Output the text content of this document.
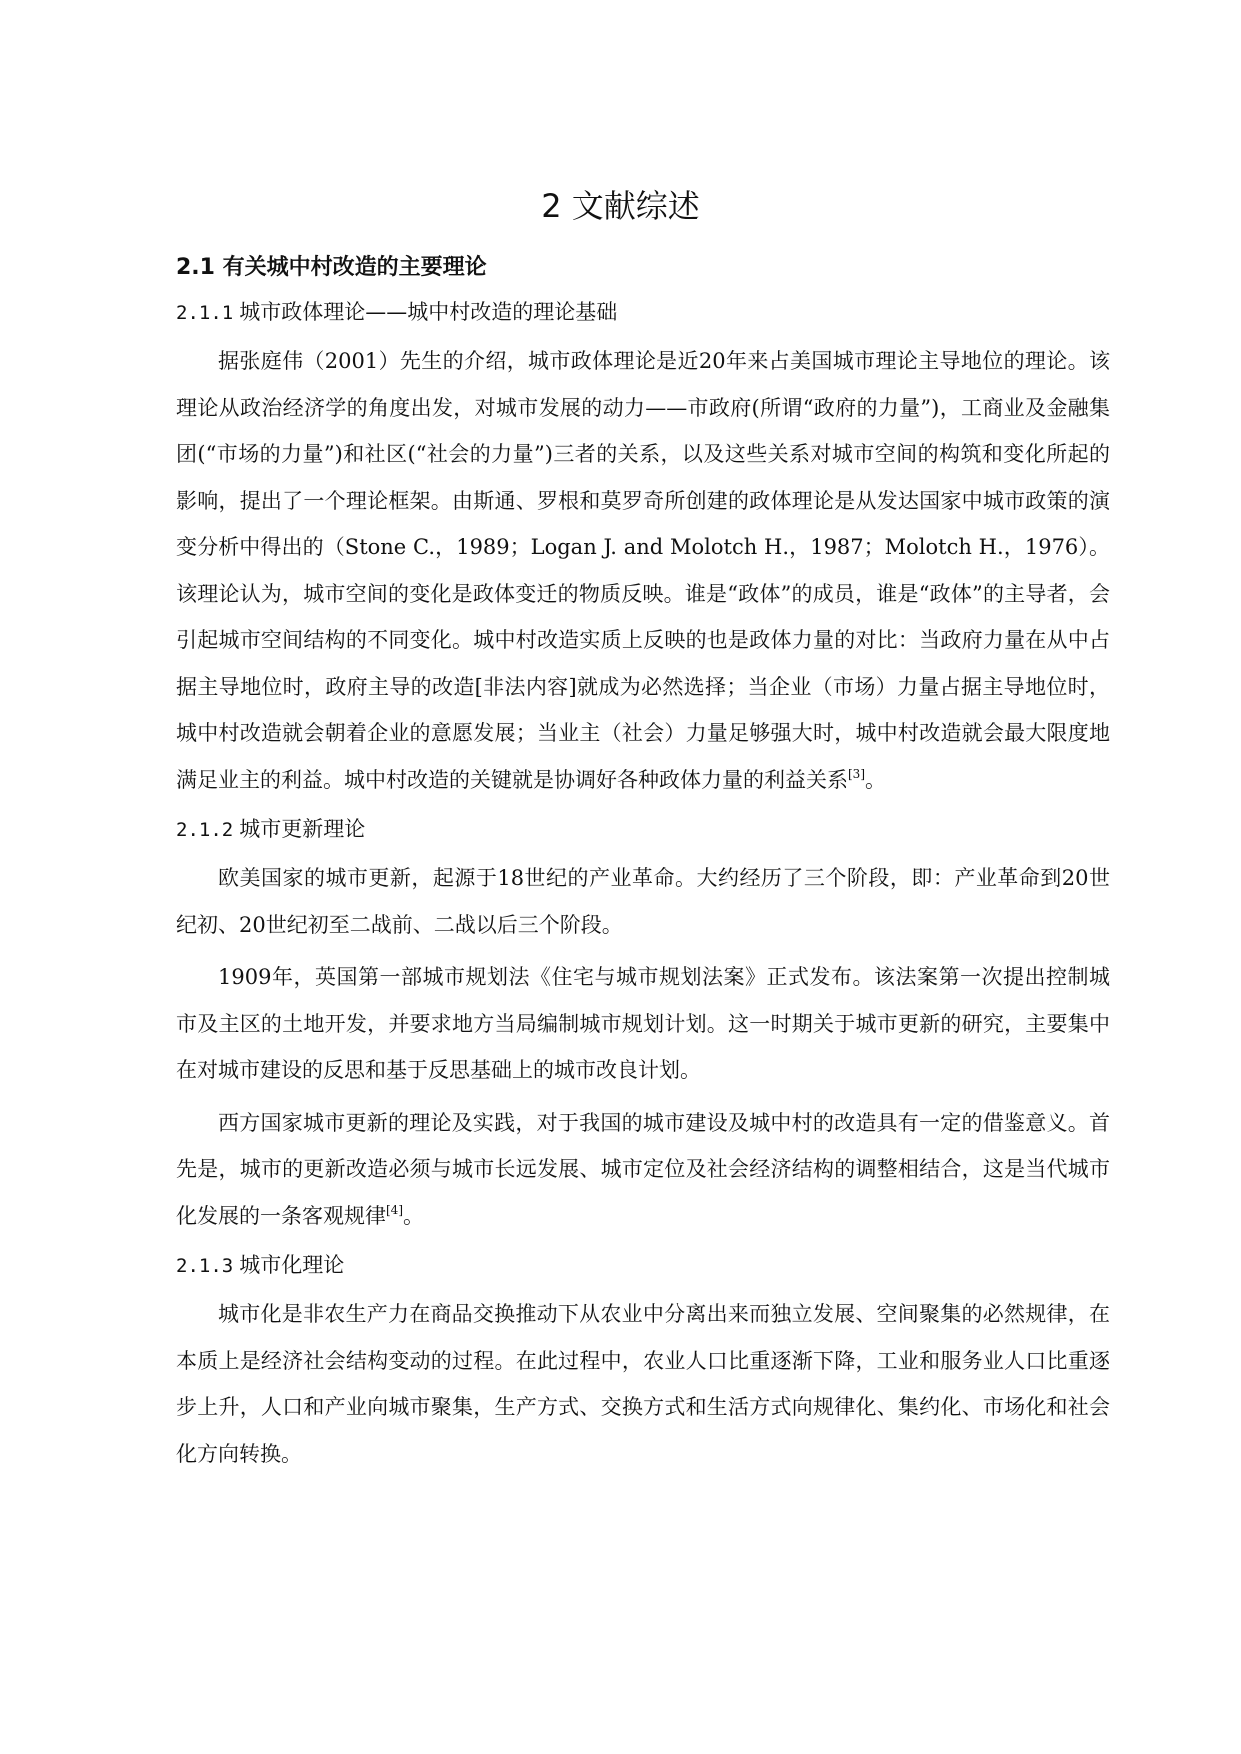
2 文献综述
2.1 有关城中村改造的主要理论
2.1.1 城市政体理论——城中村改造的理论基础

据张庭伟（2001）先生的介绍，城市政体理论是近20年来占美国城市理论主导地位的理论。该理论从政治经济学的角度出发，对城市发展的动力——市政府(所谓“政府的力量”)，工商业及金融集团(“市场的力量”)和社区(“社会的力量”)三者的关系，以及这些关系对城市空间的构筑和变化所起的影响，提出了一个理论框架。由斯通、罗根和莫罗奇所创建的政体理论是从发达国家中城市政策的演变分析中得出的（Stone C.，1989；Logan J. and Molotch H.，1987；Molotch H.，1976）。该理论认为，城市空间的变化是政体变迁的物质反映。谁是“政体”的成员，谁是“政体”的主导者，会引起城市空间结构的不同变化。城中村改造实质上反映的也是政体力量的对比：当政府力量在从中占据主导地位时，政府主导的改造[非法内容]就成为必然选择；当企业（市场）力量占据主导地位时，城中村改造就会朝着企业的意愿发展；当业主（社会）力量足够强大时，城中村改造就会最大限度地满足业主的利益。城中村改造的关键就是协调好各种政体力量的利益关系[3]。

2.1.2 城市更新理论

欧美国家的城市更新，起源于18世纪的产业革命。大约经历了三个阶段，即：产业革命到20世纪初、20世纪初至二战前、二战以后三个阶段。

1909年，英国第一部城市规划法《住宅与城市规划法案》正式发布。该法案第一次提出控制城市及主区的土地开发，并要求地方当局编制城市规划计划。这一时期关于城市更新的研究，主要集中在对城市建设的反思和基于反思基础上的城市改良计划。

西方国家城市更新的理论及实践，对于我国的城市建设及城中村的改造具有一定的借鉴意义。首先是，城市的更新改造必须与城市长远发展、城市定位及社会经济结构的调整相结合，这是当代城市化发展的一条客观规律[4]。

2.1.3 城市化理论

城市化是非农生产力在商品交换推动下从农业中分离出来而独立发展、空间聚集的必然规律，在本质上是经济社会结构变动的过程。在此过程中，农业人口比重逐渐下降，工业和服务业人口比重逐步上升，人口和产业向城市聚集，生产方式、交换方式和生活方式向规律化、集约化、市场化和社会化方向转换。
